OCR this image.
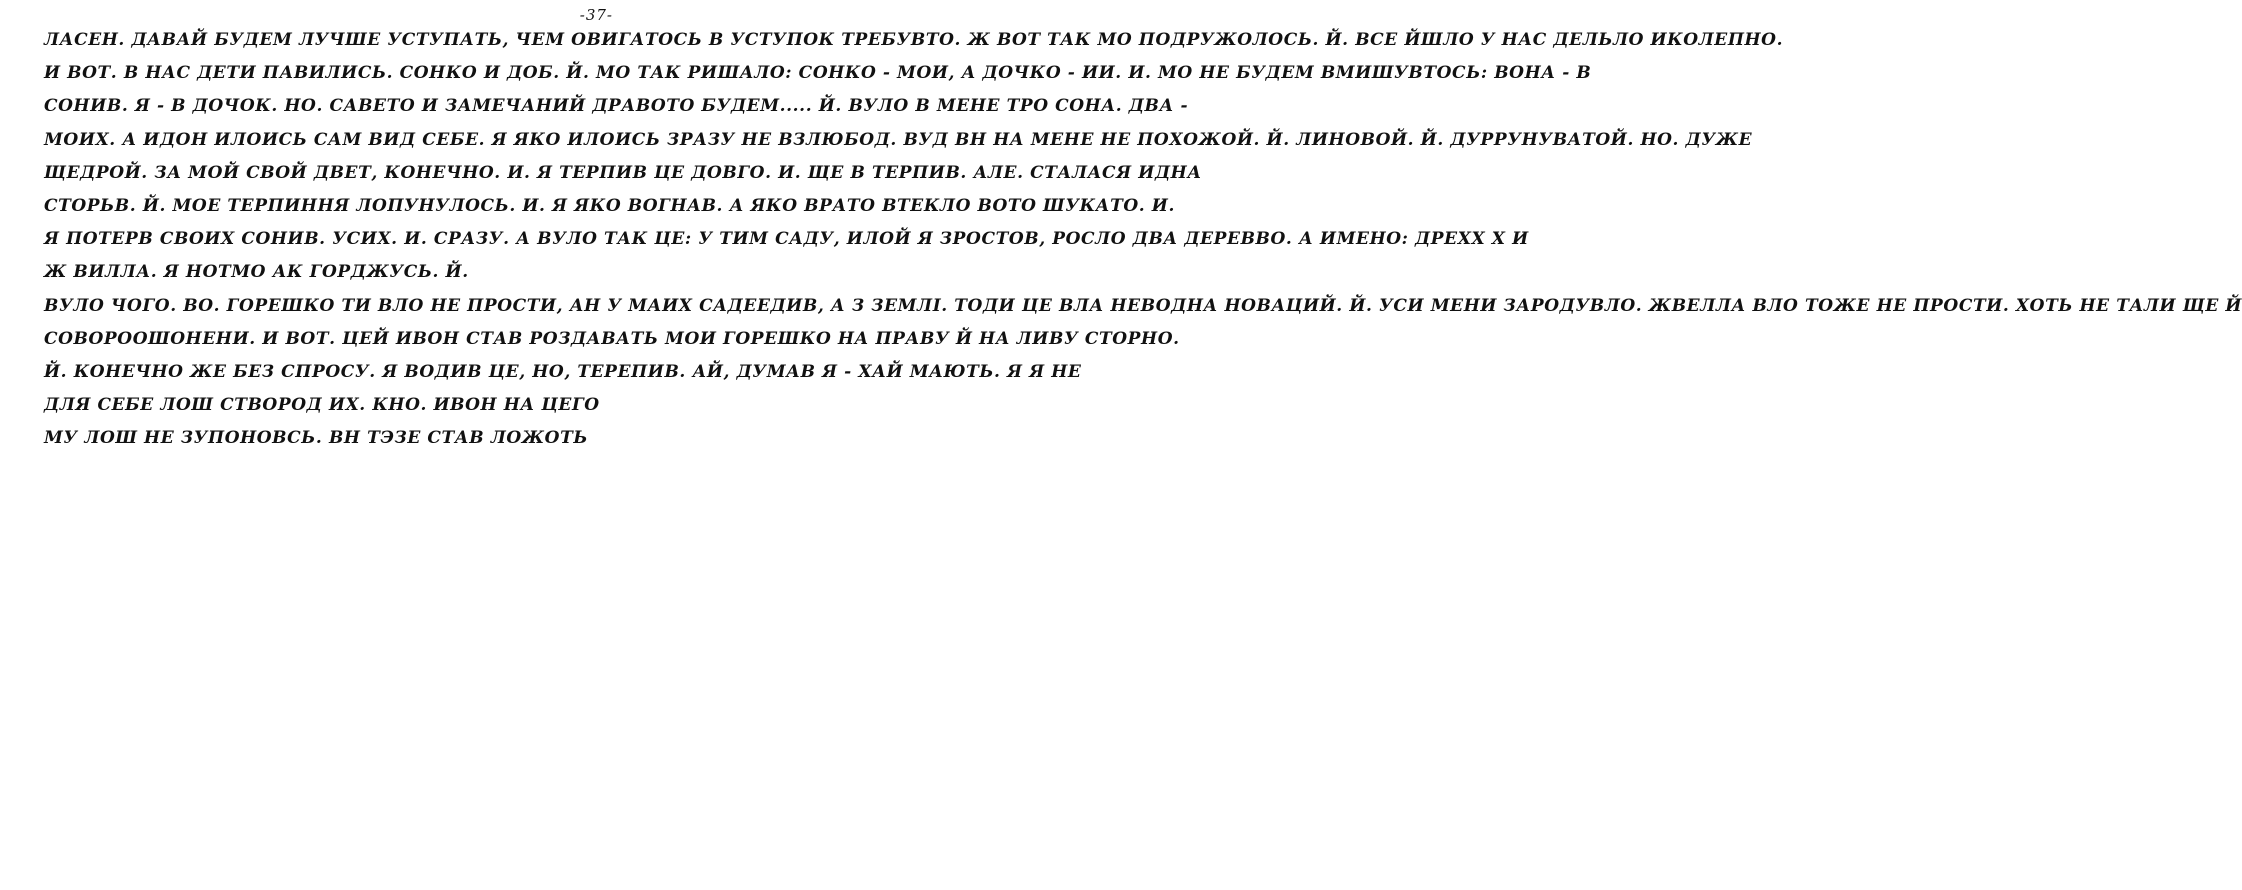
-37-
ЛАСЕН. ДАВАЙ БУДЕМ ЛУЧШЕ УСТУПАТЬ, ЧЕМ ОВИГАТОСЬ В УСТУПОК ТРЕБУВТО. Ж ВОТ ТАК МО ПОДРУЖОЛОСЬ. Й. ВСЕ ЙШЛО У НАС ДЕЛЬЛО ИКОЛЕПНО.
И ВОТ. В НАС ДЕТИ ПАВИЛИСЬ. СОНКО И ДОБ. Й. МО ТАК РИШАЛО: СОНКО - МОИ, А ДОЧКО - ИИ. И. МО НЕ БУДЕМ ВМИШУВТОСЬ: ВОНА - В
СОНИВ. Я - В ДОЧОК. НО. САВЕТО И ЗАМЕЧАНИЙ ДРАВОТО БУДЕМ..... Й. ВУЛО В МЕНЕ ТРО СОНА. ДВА -
МОИХ. А ИДОН ИЛОИСЬ САМ ВИД СЕБЕ. Я ЯКО ИЛОИСЬ ЗРАЗУ НЕ ВЗЛЮБОД. ВУД ВН НА МЕНЕ НЕ ПОХОЖОЙ. Й. ЛИНОВОЙ. Й. ДУРРУНУВАТОЙ. НО. ДУЖЕ
ЩЕДРОЙ. ЗА МОЙ СВОЙ ДВЕТ, КОНЕЧНО. И. Я ТЕРПИВ ЦЕ ДОВГО. И. ЩЕ В ТЕРПИВ. АЛЕ. СТАЛАСЯ ИДНА
СТОРЬВ. Й. МОЕ ТЕРПИННЯ ЛОПУНУЛОСЬ. И. Я ЯКО ВОГНАВ. А ЯКО ВРАТО ВТЕКЛО ВОТО ШУКАТО. И.
Я ПОТЕРВ СВОИХ СОНИВ. УСИХ. И. СРАЗУ. А ВУЛО ТАК ЦЕ: У ТИМ САДУ, ИЛОЙ Я ЗРОСТОВ, РОСЛО ДВА ДЕРЕВВО. А ИМЕНО: ДРЕХХ Х И
Ж ВИЛЛА. Я НОТМО АК ГОРДЖУСЬ. Й.
ВУЛО ЧОГО. ВО. ГОРЕШКО ТИ ВЛО НЕ ПРОСТИ, АН У МАИХ САДЕЕДИВ, А З ЗЕМЛІ. ТОДИ ЦЕ ВЛА НЕВОДНА НОВАЦИЙ. Й. УСИ МЕНИ ЗАРОДУВЛО. ЖВЕЛЛА ВЛО ТОЖЕ НЕ ПРОСТИ. ХОТЬ НЕ ТАЛИ ЩЕ Й
СОВОРООШОНЕНИ. И ВОТ. ЦЕЙ ИВОН СТАВ РОЗДАВАТЬ МОИ ГОРЕШКО НА ПРАВУ Й НА ЛИВУ СТОРНО.
Й. КОНЕЧНО ЖЕ БЕЗ СПРОСУ. Я ВОДИВ ЦЕ, НО, ТЕРЕПИВ. АЙ, ДУМАВ Я - ХАЙ МАЮТЬ. Я Я НЕ
ДЛЯ СЕБЕ ЛОШ СТВОРОД ИХ. КНО. ИВОН НА ЦЕГО
МУ ЛОШ НЕ ЗУПОНОВСЬ. ВН ТЭЗЕ СТАВ ЛОЖОТЬ
